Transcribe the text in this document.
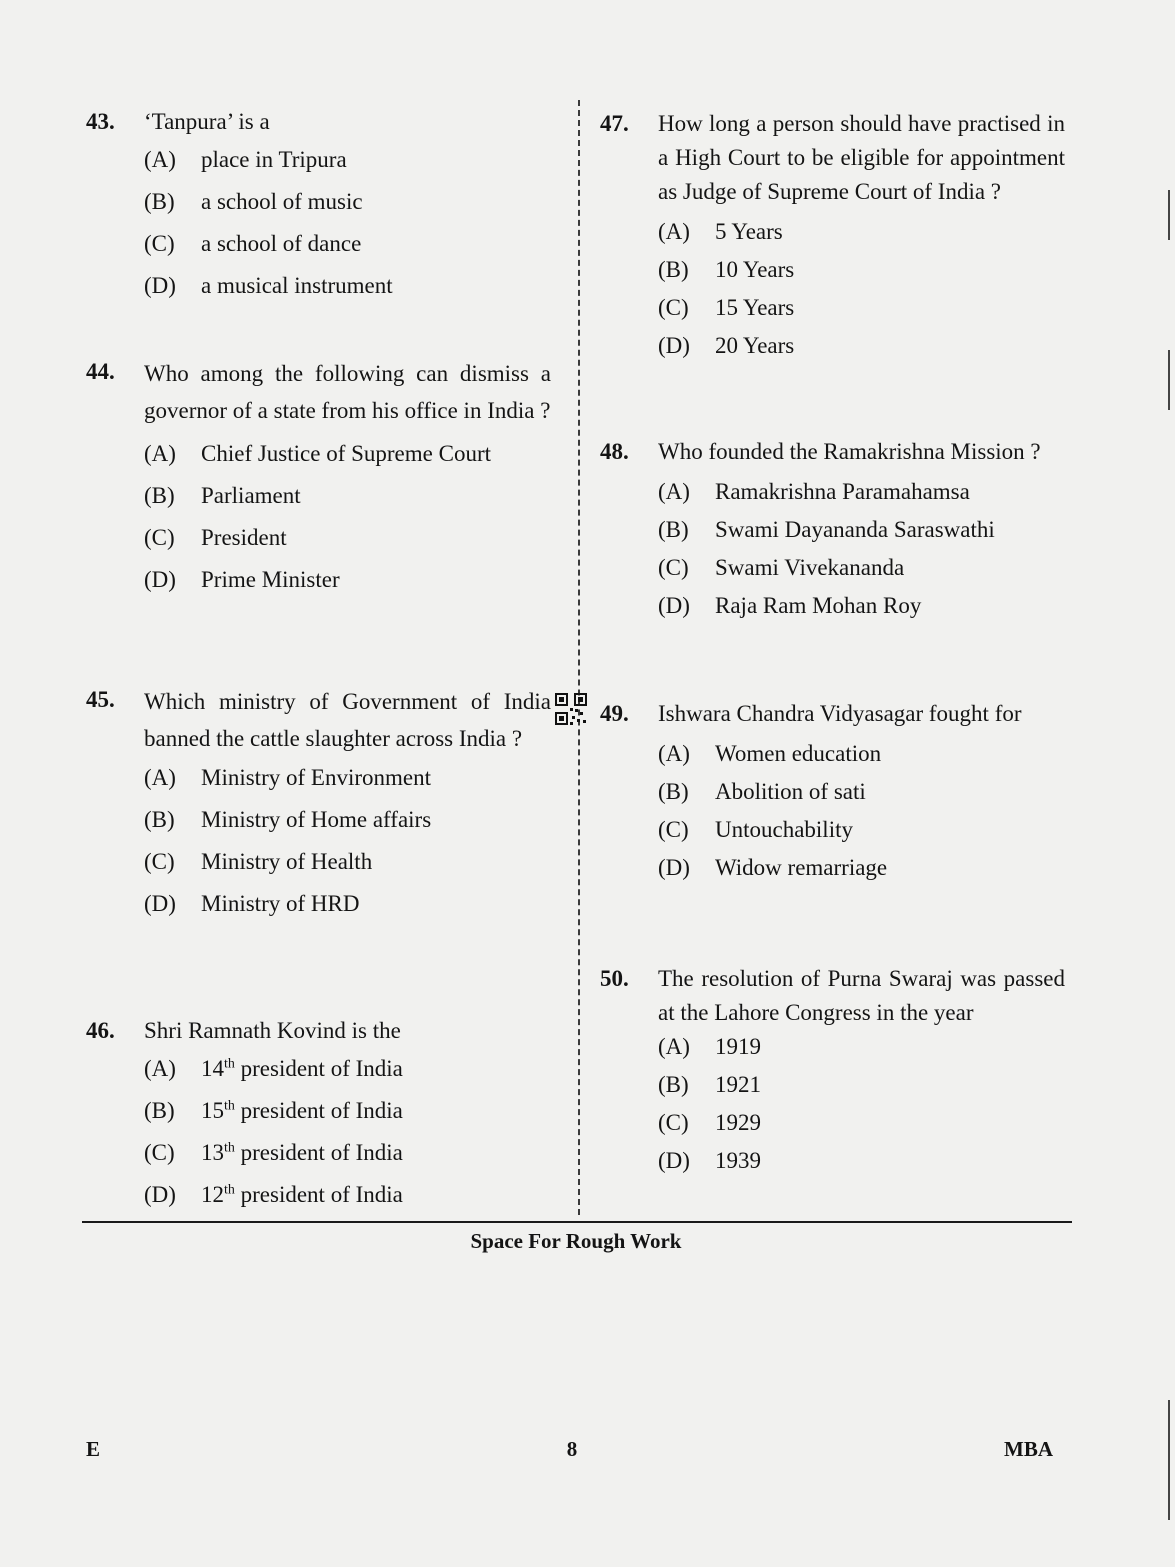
43. ‘Tanpura’ is a
(A)	place in Tripura
(B)	a school of music
(C)	a school of dance
(D)	a musical instrument
44. Who among the following can dismiss a governor of a state from his office in India ?
(A)	Chief Justice of Supreme Court
(B)	Parliament
(C)	President
(D)	Prime Minister
45. Which ministry of Government of India banned the cattle slaughter across India ?
(A)	Ministry of Environment
(B)	Ministry of Home affairs
(C)	Ministry of Health
(D)	Ministry of HRD
46. Shri Ramnath Kovind is the
(A)	14th president of India
(B)	15th president of India
(C)	13th president of India
(D)	12th president of India
47. How long a person should have practised in a High Court to be eligible for appointment as Judge of Supreme Court of India ?
(A)	5 Years
(B)	10 Years
(C)	15 Years
(D)	20 Years
48. Who founded the Ramakrishna Mission ?
(A)	Ramakrishna Paramahamsa
(B)	Swami Dayananda Saraswathi
(C)	Swami Vivekananda
(D)	Raja Ram Mohan Roy
49. Ishwara Chandra Vidyasagar fought for
(A)	Women education
(B)	Abolition of sati
(C)	Untouchability
(D)	Widow remarriage
50. The resolution of Purna Swaraj was passed at the Lahore Congress in the year
(A)	1919
(B)	1921
(C)	1929
(D)	1939
Space For Rough Work
E	8	MBA
